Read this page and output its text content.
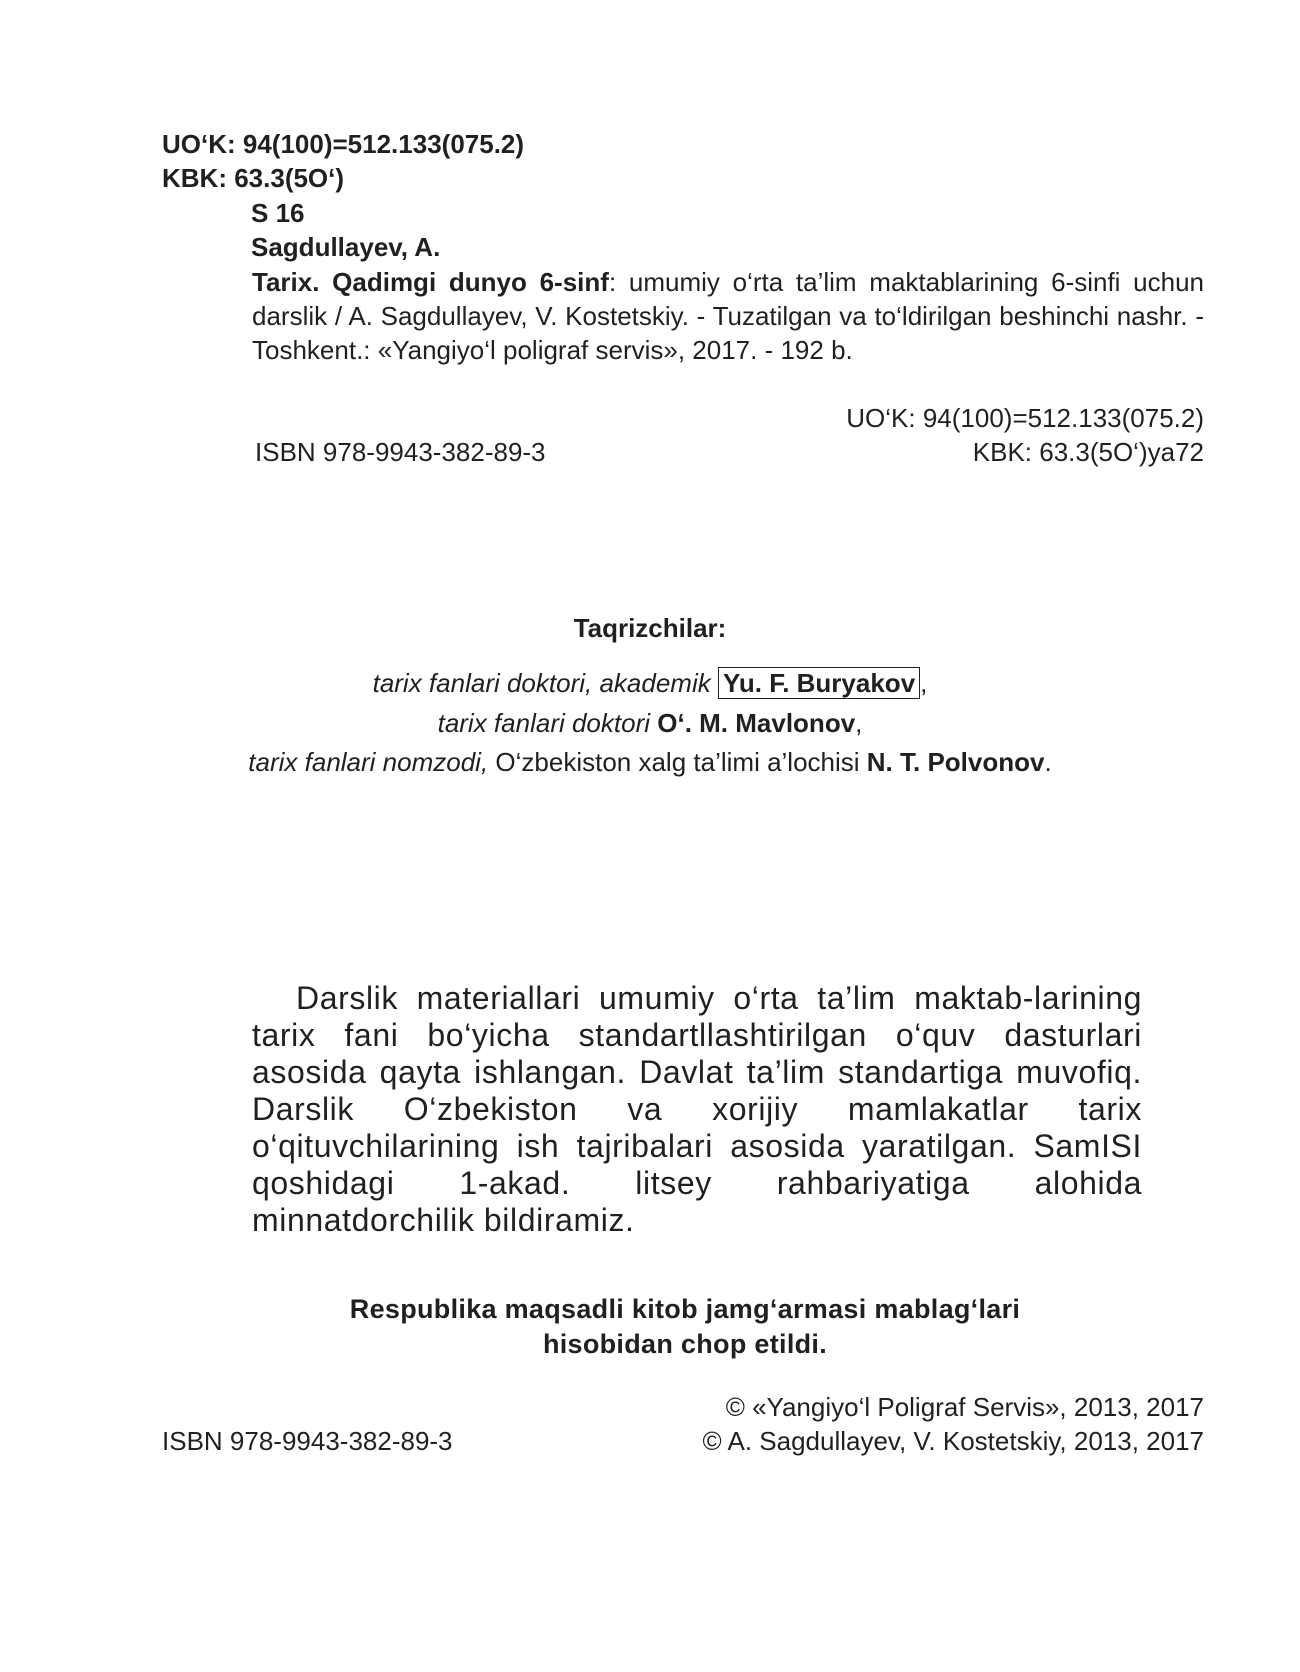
UO‘K: 94(100)=512.133(075.2)
KBK: 63.3(5O‘)
S 16
Sagdullayev, A.
Tarix. Qadimgi dunyo 6-sinf: umumiy o‘rta ta’lim maktablarining 6-sinfi uchun darslik / A. Sagdullayev, V. Kostetskiy. - Tuzatilgan va to‘ldirilgan beshinchi nashr. - Toshkent.: «Yangiyo‘l poligraf servis», 2017. - 192 b.
UO‘K: 94(100)=512.133(075.2)
ISBN 978-9943-382-89-3	KBK: 63.3(5O‘)ya72
Taqrizchilar:
tarix fanlari doktori, akademik Yu. F. Buryakov ,
tarix fanlari doktori O‘. M. Mavlonov,
tarix fanlari nomzodi, O‘zbekiston xalg ta’limi a’lochisi N. T. Polvonov.
Darslik materiallari umumiy o‘rta ta’lim maktab-larining tarix fani bo‘yicha standartllashtirilgan o‘quv dasturlari asosida qayta ishlangan. Davlat ta’lim standartiga muvofiq. Darslik O‘zbekiston va xorijiy mamlakatlar tarix o‘qituvchilarining ish tajribalari asosida yaratilgan. SamISI qoshidagi 1-akad. litsey rahbariyatiga alohida minnatdorchilik bildiramiz.
Respublika maqsadli kitob jamg‘armasi mablag‘lari
hisobidan chop etildi.
© «Yangiyo‘l Poligraf Servis», 2013, 2017
ISBN 978-9943-382-89-3	© A. Sagdullayev, V. Kostetskiy, 2013, 2017
